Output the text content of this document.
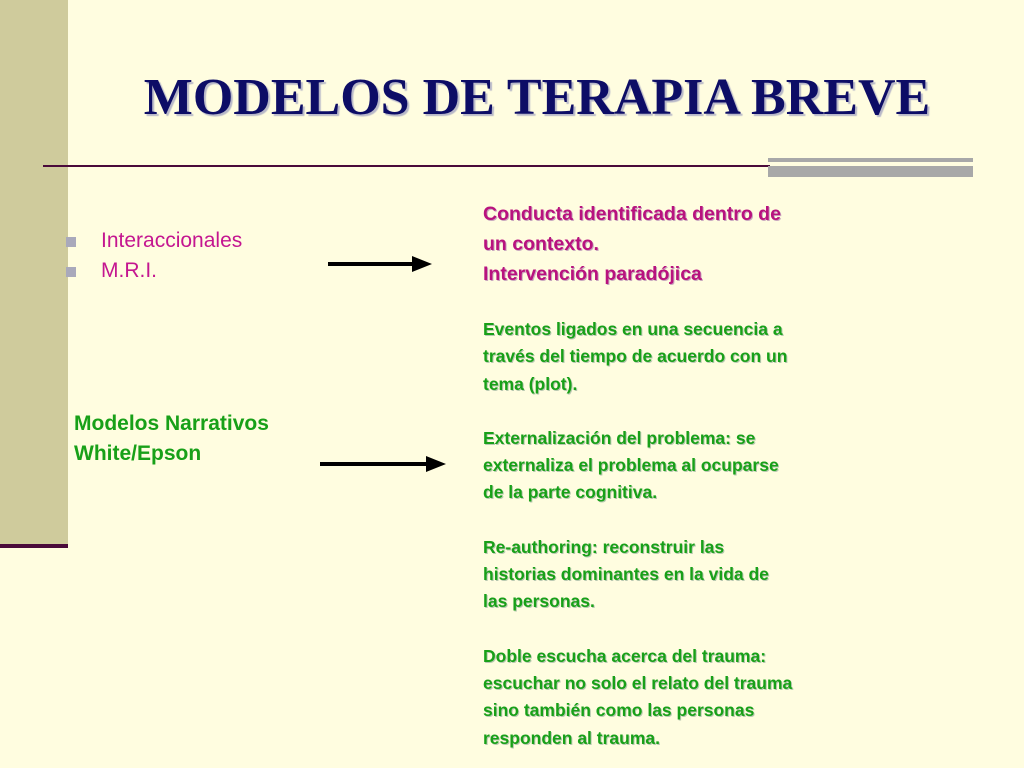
MODELOS DE TERAPIA BREVE
Interaccionales
M.R.I.
Modelos Narrativos
White/Epson
Conducta identificada dentro de
un contexto.
Intervención paradójica
Eventos ligados en una secuencia a
través del tiempo de acuerdo con un
tema (plot).
Externalización del problema: se
externaliza el problema al ocuparse
de la parte cognitiva.
Re-authoring: reconstruir las
historias dominantes en la vida de
las personas.
Doble escucha acerca del trauma:
escuchar no solo el relato del trauma
sino también como las personas
responden al trauma.
